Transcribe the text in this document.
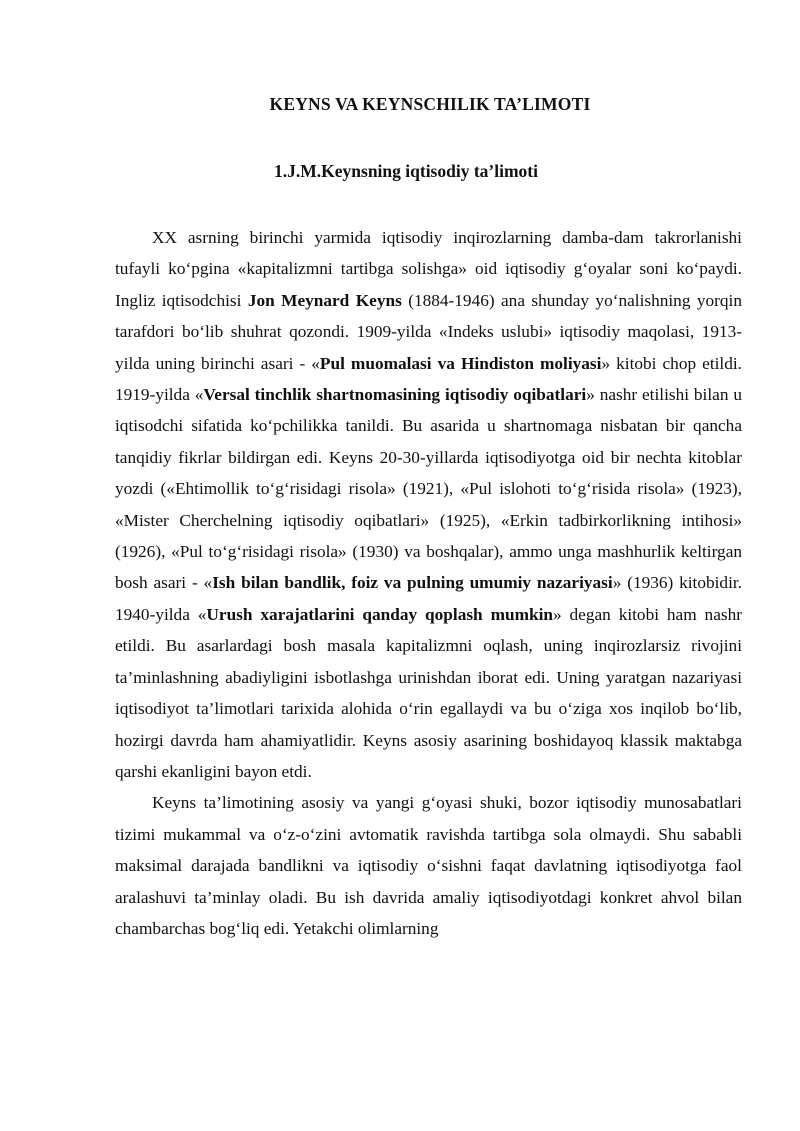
KEYNS VA KEYNSCHILIK TA’LIMOTI
1.J.M.Keynsning iqtisodiy ta’limoti

XX asrning birinchi yarmida iqtisodiy inqirozlarning damba-dam takrorlanishi tufayli ko‘pgina «kapitalizmni tartibga solishga» oid iqtisodiy g‘oyalar soni ko‘paydi. Ingliz iqtisodchisi Jon Meynard Keyns (1884-1946) ana shunday yo‘nalishning yorqin tarafdori bo‘lib shuhrat qozondi. 1909-yilda «Indeks uslubi» iqtisodiy maqolasi, 1913- yilda uning birinchi asari - «Pul muomalasi va Hindiston moliyasi» kitobi chop etildi. 1919-yilda «Versal tinchlik shartnomasining iqtisodiy oqibatlari» nashr etilishi bilan u iqtisodchi sifatida ko‘pchilikka tanildi. Bu asarida u shartnomaga nisbatan bir qancha tanqidiy fikrlar bildirgan edi. Keyns 20-30-yillarda iqtisodiyotga oid bir nechta kitoblar yozdi («Ehtimollik to‘g‘risidagi risola» (1921), «Pul islohoti to‘g‘risida risola» (1923), «Mister Cherchelning iqtisodiy oqibatlari» (1925), «Erkin tadbirkorlikning intihosi» (1926), «Pul to‘g‘risidagi risola» (1930) va boshqalar), ammo unga mashhurlik keltirgan bosh asari - «Ish bilan bandlik, foiz va pulning umumiy nazariyasi» (1936) kitobidir. 1940-yilda «Urush xarajatlarini qanday qoplash mumkin» degan kitobi ham nashr etildi. Bu asarlardagi bosh masala kapitalizmni oqlash, uning inqirozlarsiz rivojini ta’minlashning abadiyligini isbotlashga urinishdan iborat edi. Uning yaratgan nazariyasi iqtisodiyot ta’limotlari tarixida alohida o‘rin egallaydi va bu o‘ziga xos inqilob bo‘lib, hozirgi davrda ham ahamiyatlidir. Keyns asosiy asarining boshidayoq klassik maktabga qarshi ekanligini bayon etdi.

Keyns ta’limotining asosiy va yangi g‘oyasi shuki, bozor iqtisodiy munosabatlari tizimi mukammal va o‘z-o‘zini avtomatik ravishda tartibga sola olmaydi. Shu sababli maksimal darajada bandlikni va iqtisodiy o‘sishni faqat davlatning iqtisodiyotga faol aralashuvi ta’minlay oladi. Bu ish davrida amaliy iqtisodiyotdagi konkret ahvol bilan chambarchas bog‘liq edi. Yetakchi olimlarning
